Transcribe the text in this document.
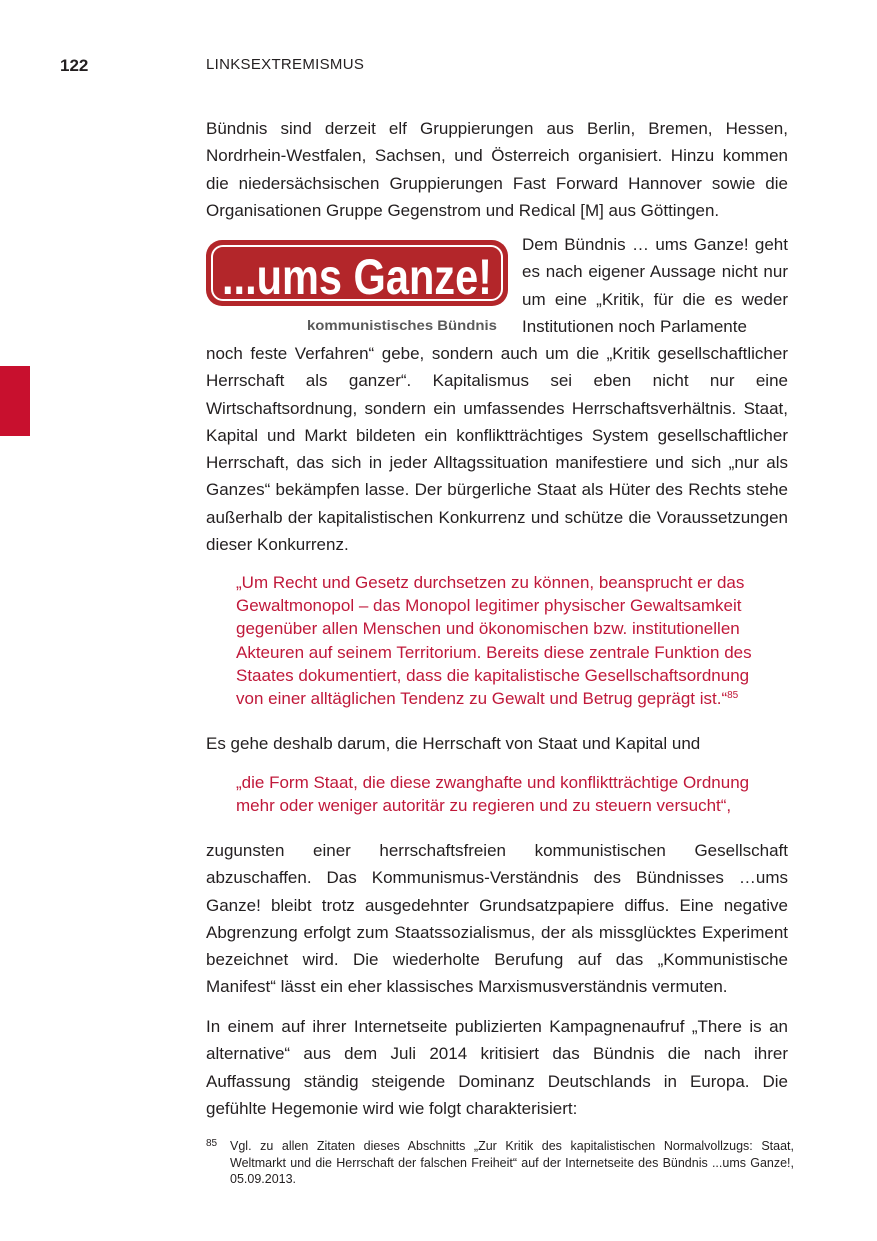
122	LINKSEXTREMISMUS

Bündnis sind derzeit elf Gruppierungen aus Berlin, Bremen, Hessen, Nordrhein-Westfalen, Sachsen, und Österreich organisiert. Hinzu kommen die niedersächsischen Gruppierungen Fast Forward Hannover sowie die Organisationen Gruppe Gegenstrom und Redical [M] aus Göttingen.

...ums Ganze!
kommunistisches Bündnis

Dem Bündnis … ums Ganze! geht es nach eigener Aussage nicht nur um eine „Kritik, für die es weder Institutionen noch Parlamente

noch feste Verfahren“ gebe, sondern auch um die „Kritik gesellschaftlicher Herrschaft als ganzer“. Kapitalismus sei eben nicht nur eine Wirtschaftsordnung, sondern ein umfassendes Herrschaftsverhältnis. Staat, Kapital und Markt bildeten ein konfliktträchtiges System gesellschaftlicher Herrschaft, das sich in jeder Alltagssituation manifestiere und sich „nur als Ganzes“ bekämpfen lasse. Der bürgerliche Staat als Hüter des Rechts stehe außerhalb der kapitalistischen Konkurrenz und schütze die Voraussetzungen dieser Konkurrenz.

„Um Recht und Gesetz durchsetzen zu können, beansprucht er das Gewaltmonopol – das Monopol legitimer physischer Gewaltsamkeit gegenüber allen Menschen und ökonomischen bzw. institutionellen Akteuren auf seinem Territorium. Bereits diese zentrale Funktion des Staates dokumentiert, dass die kapitalistische Gesellschaftsordnung von einer alltäglichen Tendenz zu Gewalt und Betrug geprägt ist.“$^{85}$

Es gehe deshalb darum, die Herrschaft von Staat und Kapital und

„die Form Staat, die diese zwanghafte und konfliktträchtige Ordnung mehr oder weniger autoritär zu regieren und zu steuern versucht“,

zugunsten einer herrschaftsfreien kommunistischen Gesellschaft abzuschaffen. Das Kommunismus-Verständnis des Bündnisses …ums Ganze! bleibt trotz ausgedehnter Grundsatzpapiere diffus. Eine negative Abgrenzung erfolgt zum Staatssozialismus, der als missglücktes Experiment bezeichnet wird. Die wiederholte Berufung auf das „Kommunistische Manifest“ lässt ein eher klassisches Marxismusverständnis vermuten.

In einem auf ihrer Internetseite publizierten Kampagnenaufruf „There is an alternative“ aus dem Juli 2014 kritisiert das Bündnis die nach ihrer Auffassung ständig steigende Dominanz Deutschlands in Europa. Die gefühlte Hegemonie wird wie folgt charakterisiert:

85 Vgl. zu allen Zitaten dieses Abschnitts „Zur Kritik des kapitalistischen Normalvollzugs: Staat, Weltmarkt und die Herrschaft der falschen Freiheit“ auf der Internetseite des Bündnis ...ums Ganze!, 05.09.2013.
